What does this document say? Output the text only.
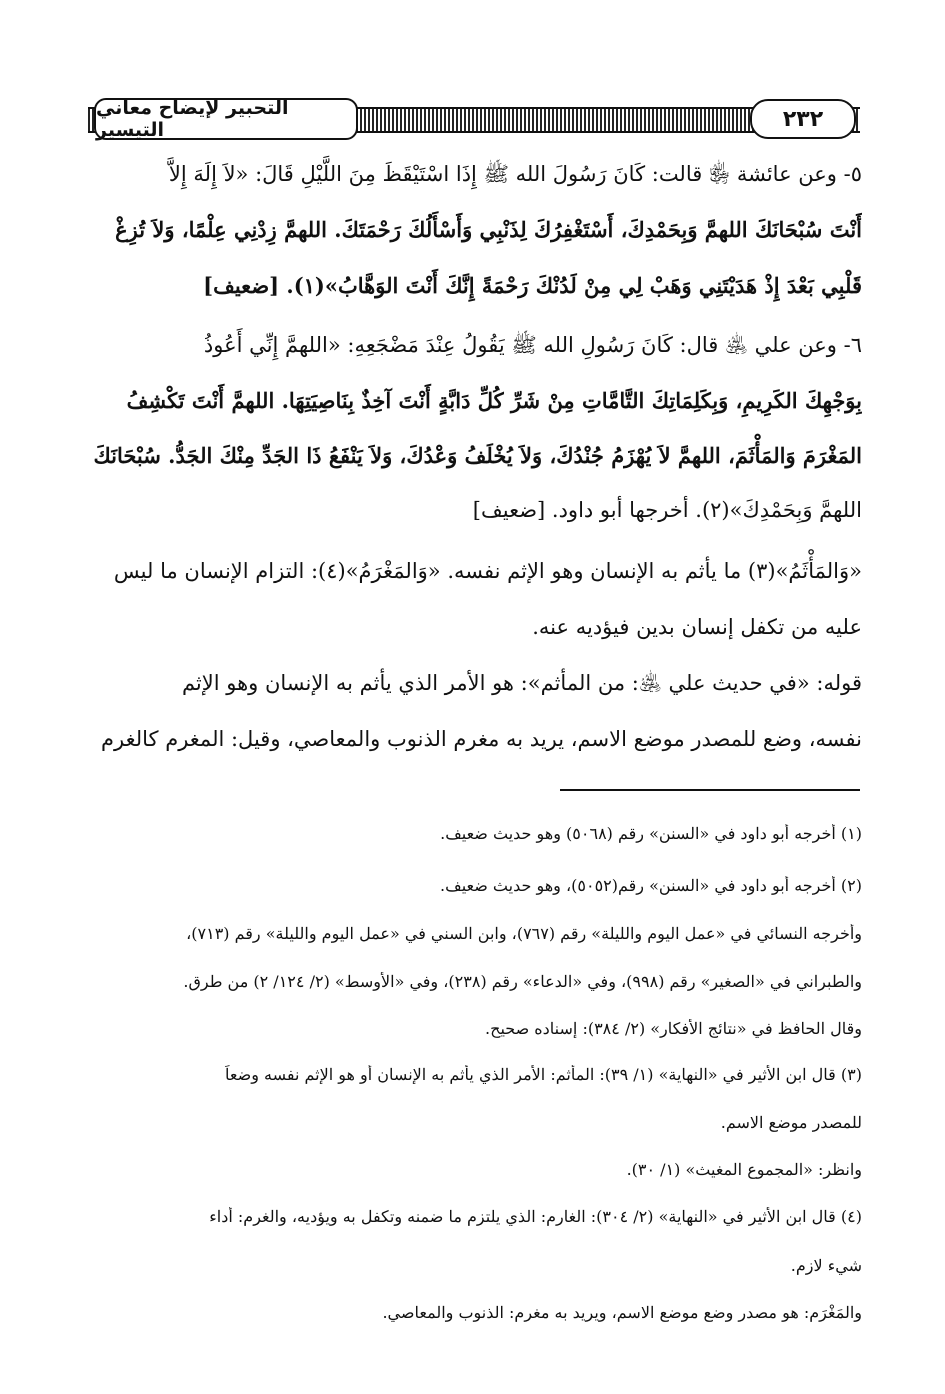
التحبير لإيضاح معاني التيسير	٢٣٢
٥- وعن عائشة ﵂ قالت: كَانَ رَسُولَ الله ﷺ إِذَا اسْتَيْقَظَ مِنَ اللَّيْلِ قَالَ: «لاَ إِلَهَ إِلاَّ
أَنْتَ سُبْحَانَكَ اللهمَّ وَبِحَمْدِكَ، أَسْتَغْفِرُكَ لِذَنْبِي وَأَسْأَلُكَ رَحْمَتَكَ. اللهمَّ زِدْنِي عِلْمًا، وَلاَ تُزِغْ
قَلْبِي بَعْدَ إِذْ هَدَيْتَنِي وَهَبْ لِي مِنْ لَدُنْكَ رَحْمَةً إِنَّكَ أَنْتَ الوَهَّابُ»(١). [ضعيف]
٦- وعن علي ﵁ قال: كَانَ رَسُولِ الله ﷺ يَقُولُ عِنْدَ مَضْجَعِهِ: «اللهمَّ إِنِّي أَعُوذُ
بِوَجْهِكَ الكَرِيمِ، وَبِكَلِمَاتِكَ التَّامَّاتِ مِنْ شَرِّ كُلِّ دَابَّةٍ أَنْتَ آخِذٌ بِنَاصِيَتِهَا. اللهمَّ أَنْتَ تَكْشِفُ
المَغْرَمَ وَالمَأْثَمَ، اللهمَّ لاَ يُهْزَمُ جُنْدُكَ، وَلاَ يُخْلَفُ وَعْدُكَ، وَلاَ يَنْفَعُ ذَا الجَدِّ مِنْكَ الجَدُّ. سُبْحَانَكَ
اللهمَّ وَبِحَمْدِكَ»(٢). أخرجها أبو داود. [ضعيف]
«وَالمَأْثَمُ»(٣) ما يأثم به الإنسان وهو الإثم نفسه. «وَالمَغْرَمُ»(٤): التزام الإنسان ما ليس
عليه من تكفل إنسان بدين فيؤديه عنه.
قوله: «في حديث علي ﵁: من المأثم»: هو الأمر الذي يأثم به الإنسان وهو الإثم
نفسه، وضع للمصدر موضع الاسم، يريد به مغرم الذنوب والمعاصي، وقيل: المغرم كالغرم
(١) أخرجه أبو داود في «السنن» رقم (٥٠٦٨) وهو حديث ضعيف.
(٢) أخرجه أبو داود في «السنن» رقم(٥٠٥٢)، وهو حديث ضعيف.
وأخرجه النسائي في «عمل اليوم والليلة» رقم (٧٦٧)، وابن السني في «عمل اليوم والليلة» رقم (٧١٣)،
والطبراني في «الصغير» رقم (٩٩٨)، وفي «الدعاء» رقم (٢٣٨)، وفي «الأوسط» (٢/ ١٢٤/ ٢) من طرق.
وقال الحافظ في «نتائج الأفكار» (٢/ ٣٨٤): إسناده صحيح.
(٣) قال ابن الأثير في «النهاية» (١/ ٣٩): المأثم: الأمر الذي يأثم به الإنسان أو هو الإثم نفسه وضعاً
للمصدر موضع الاسم.
وانظر: «المجموع المغيث» (١/ ٣٠).
(٤) قال ابن الأثير في «النهاية» (٢/ ٣٠٤): الغارم: الذي يلتزم ما ضمنه وتكفل به ويؤديه، والغرم: أداء
شيء لازم.
والمَغْرَم: هو مصدر وضع موضع الاسم، ويريد به مغرم: الذنوب والمعاصي.
